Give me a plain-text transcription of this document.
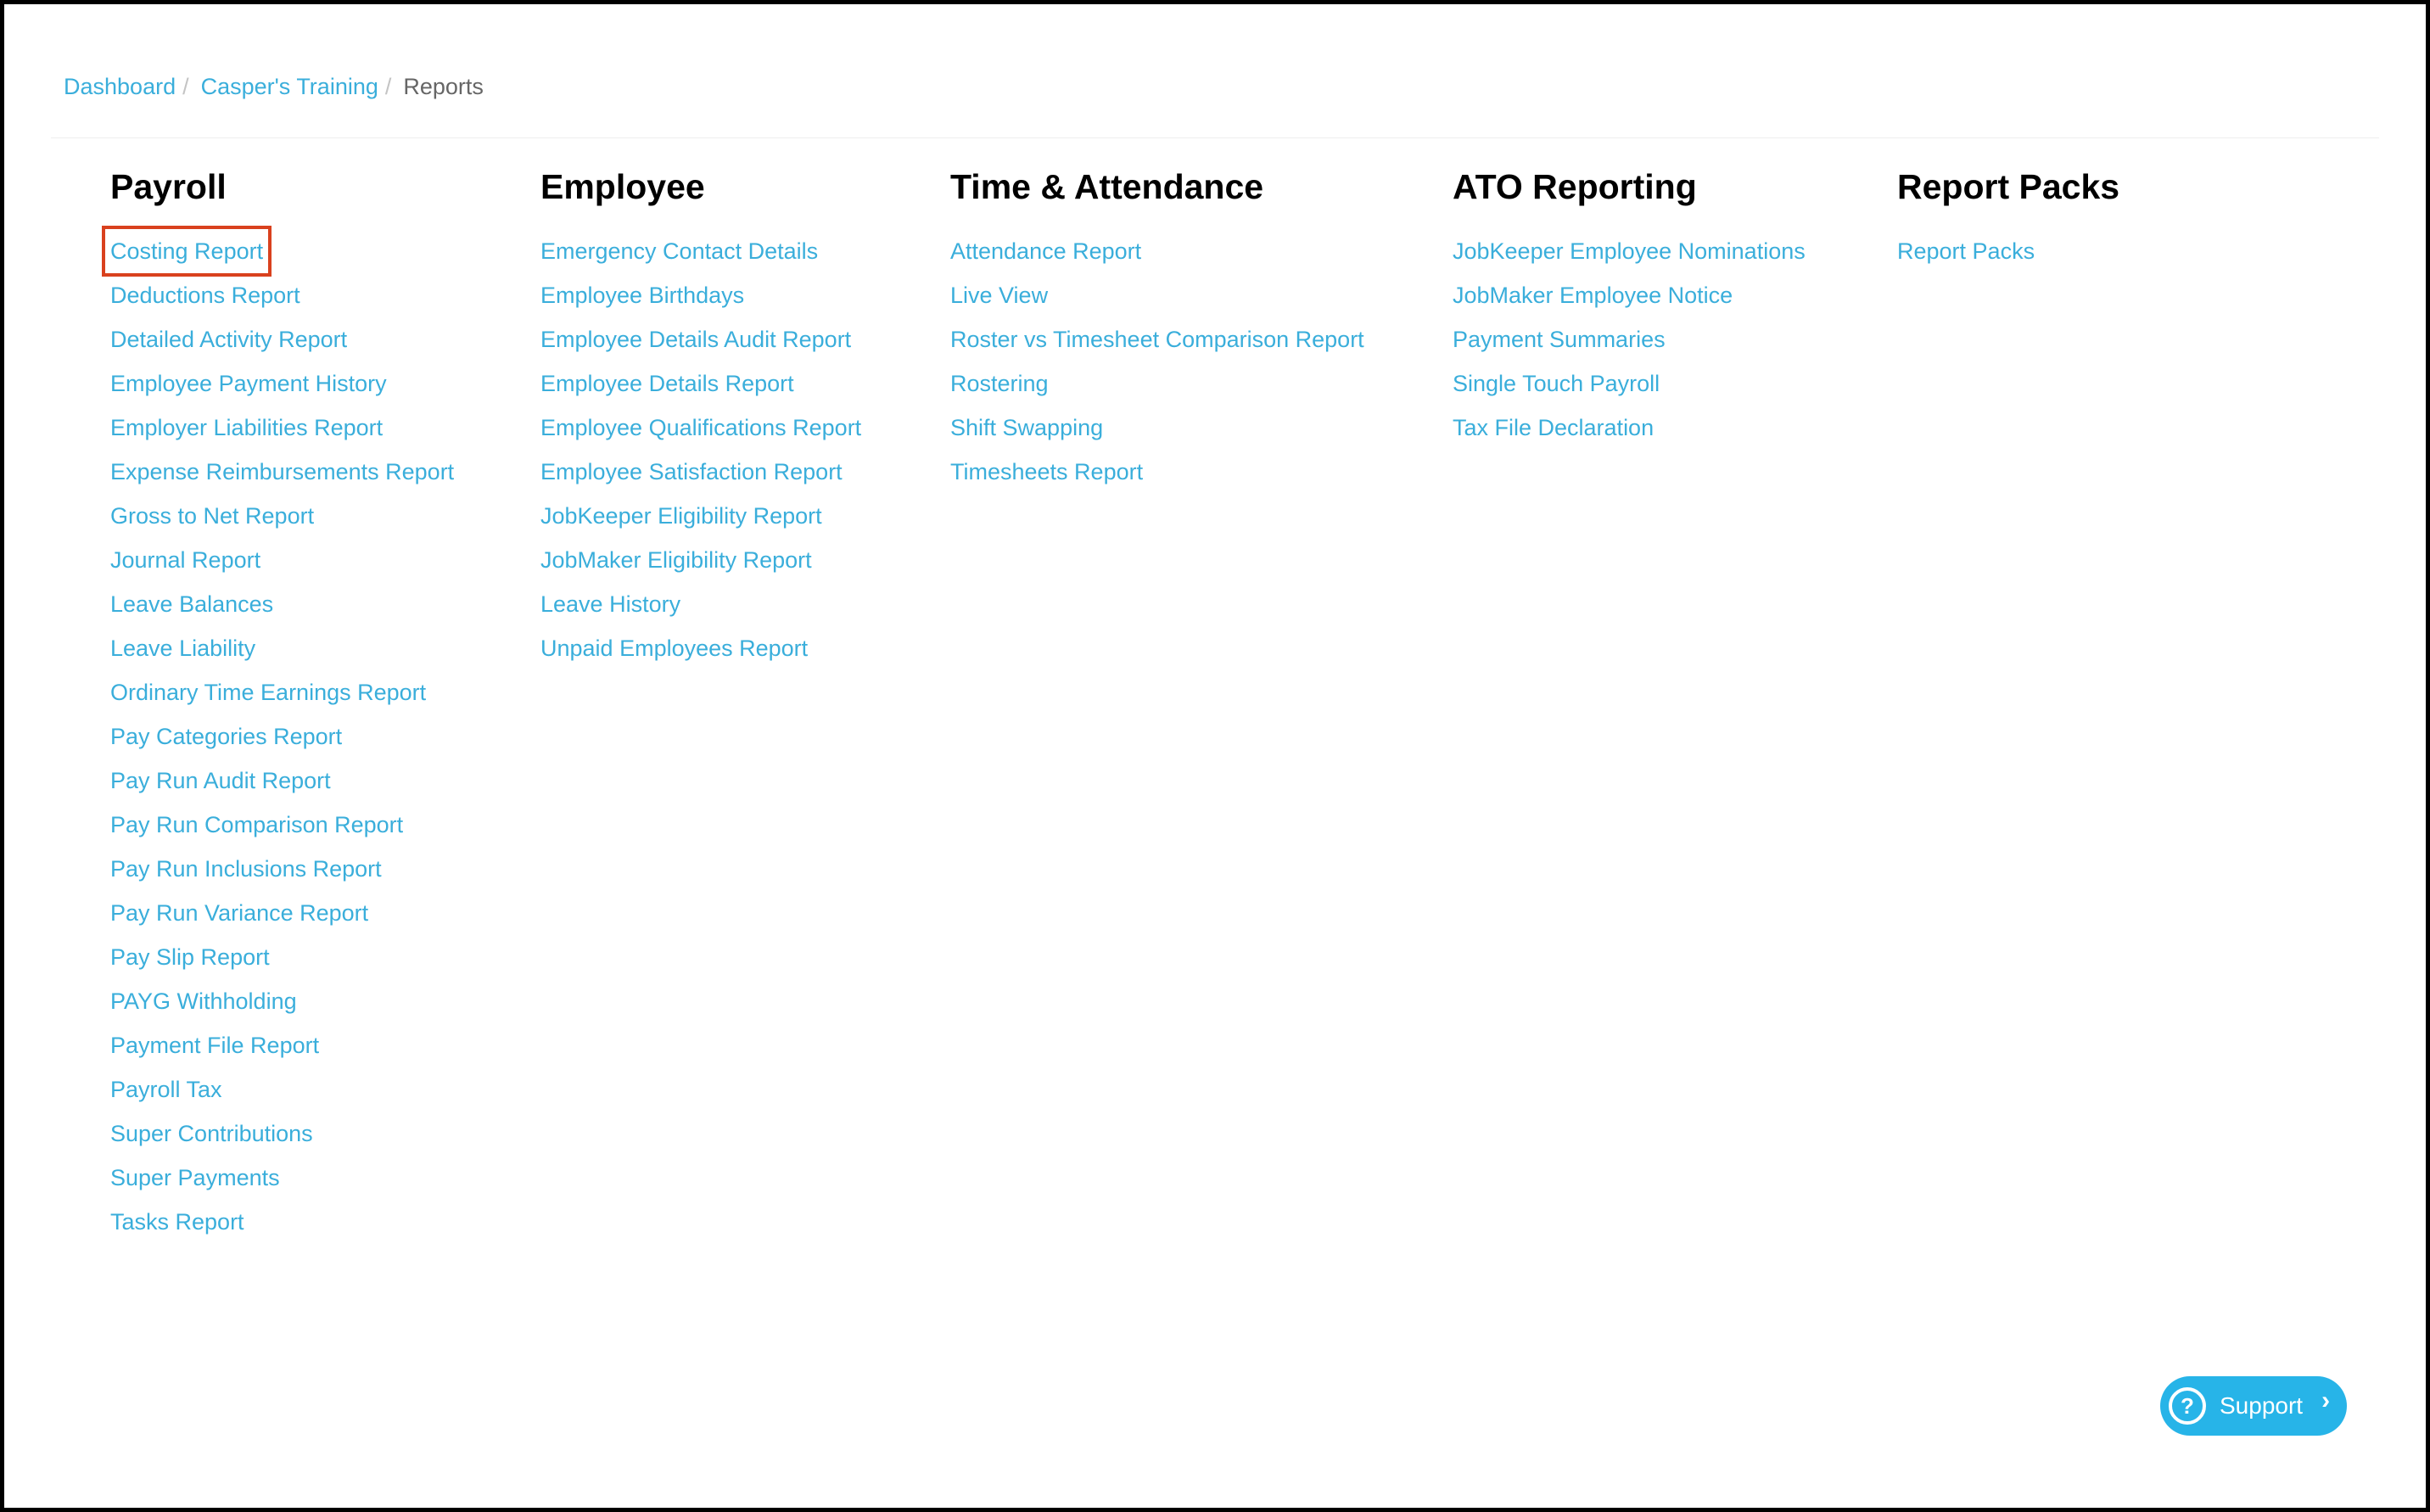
Dashboard / Casper's Training / Reports
Payroll
Costing Report
Deductions Report
Detailed Activity Report
Employee Payment History
Employer Liabilities Report
Expense Reimbursements Report
Gross to Net Report
Journal Report
Leave Balances
Leave Liability
Ordinary Time Earnings Report
Pay Categories Report
Pay Run Audit Report
Pay Run Comparison Report
Pay Run Inclusions Report
Pay Run Variance Report
Pay Slip Report
PAYG Withholding
Payment File Report
Payroll Tax
Super Contributions
Super Payments
Tasks Report
Employee
Emergency Contact Details
Employee Birthdays
Employee Details Audit Report
Employee Details Report
Employee Qualifications Report
Employee Satisfaction Report
JobKeeper Eligibility Report
JobMaker Eligibility Report
Leave History
Unpaid Employees Report
Time & Attendance
Attendance Report
Live View
Roster vs Timesheet Comparison Report
Rostering
Shift Swapping
Timesheets Report
ATO Reporting
JobKeeper Employee Nominations
JobMaker Employee Notice
Payment Summaries
Single Touch Payroll
Tax File Declaration
Report Packs
Report Packs
?	Support ›
